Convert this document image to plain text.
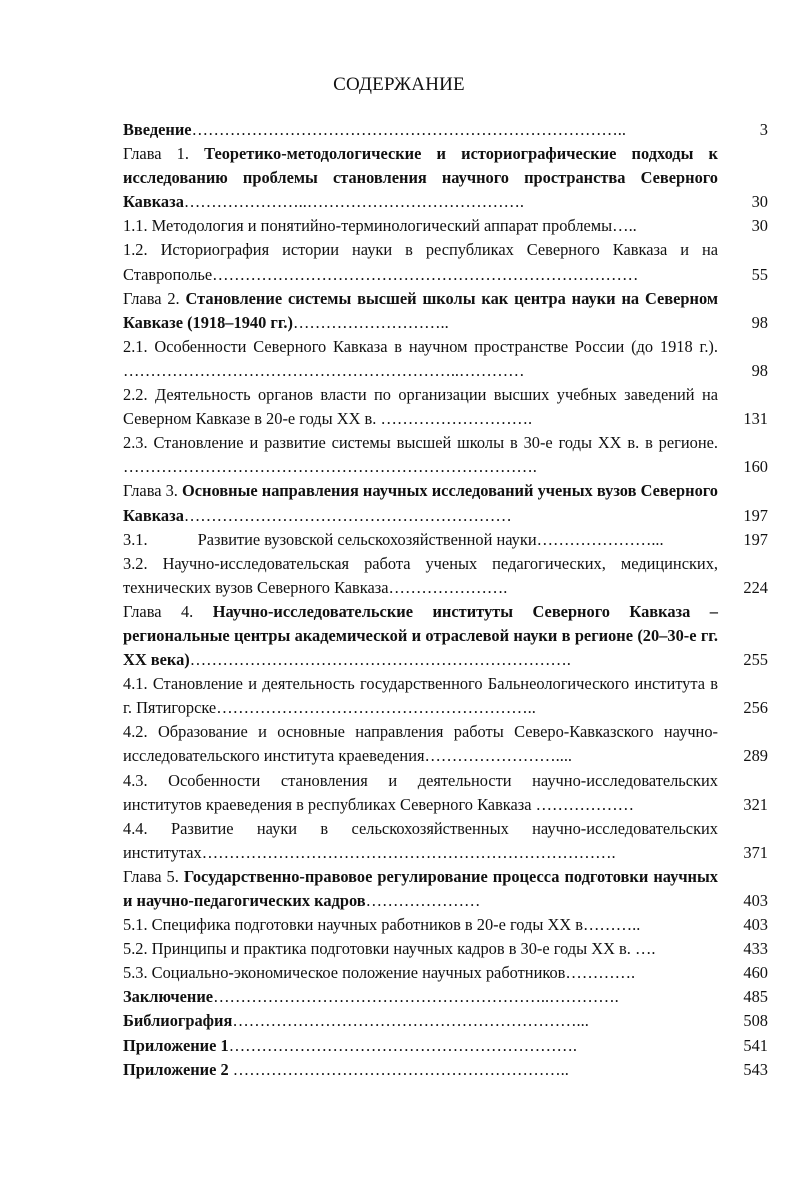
СОДЕРЖАНИЕ
Введение……………………………………………………………………..	3
Глава 1. Теоретико-методологические и историографические подходы к исследованию проблемы становления научного пространства Северного Кавказа…………………..………………………………….	30
1.1. Методология и понятийно-терминологический аппарат проблемы…..	30
1.2. Историография истории науки в республиках Северного Кавказа и на Ставрополье……………………………………………………………………	55
Глава 2. Становление системы высшей школы как центра науки на Северном Кавказе (1918–1940 гг.)………………………..	98
2.1. Особенности Северного Кавказа в научном пространстве России (до 1918 г.). ……………………………………………………..…………	98
2.2. Деятельность органов власти по организации высших учебных заведений на Северном Кавказе в 20-е годы XX в. ……………………….	131
2.3. Становление и развитие системы высшей школы в 30-е годы XX в. в регионе. ………………………………………………………………….	160
Глава 3. Основные направления научных исследований ученых вузов Северного Кавказа……………………………………………………	197
3.1.	Развитие вузовской сельскохозяйственной науки…………………...	197
3.2. Научно-исследовательская работа ученых педагогических, медицинских, технических вузов Северного Кавказа………………….	224
Глава 4. Научно-исследовательские институты Северного Кавказа – региональные центры академической и отраслевой науки в регионе (20–30-е гг. XX века)…………………………………………………………….	255
4.1. Становление и деятельность государственного Бальнеологического института в г. Пятигорске…………………………………………………..	256
4.2. Образование и основные направления работы Северо-Кавказского научно-исследовательского института краеведения……………………....	289
4.3. Особенности становления и деятельности научно-исследовательских институтов краеведения в республиках Северного Кавказа ………………	321
4.4. Развитие науки в сельскохозяйственных научно-исследовательских институтах………………………………………………………………….	371
Глава 5. Государственно-правовое регулирование процесса подготовки научных и научно-педагогических кадров…………………	403
5.1. Специфика подготовки научных работников в 20-е годы XX в………..	403
5.2. Принципы и практика подготовки научных кадров в 30-е годы XX в. ….	433
5.3. Социально-экономическое положение научных работников………….	460
Заключение……………………………………………………..………….	485
Библиография………………………………………………………...	508
Приложение 1……………………………………………………….	541
Приложение 2 ……………………………………………………..	543
